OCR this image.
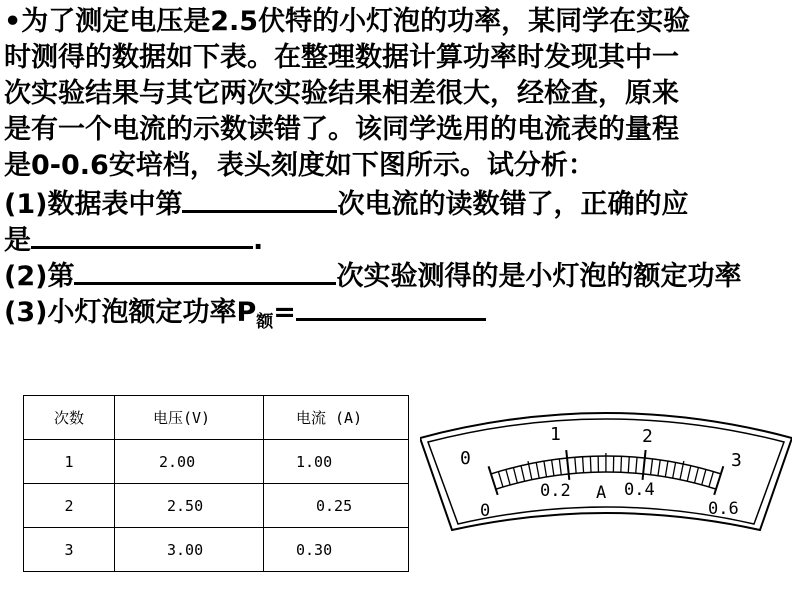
•为了测定电压是2.5伏特的小灯泡的功率，某同学在实验
时测得的数据如下表。在整理数据计算功率时发现其中一
次实验结果与其它两次实验结果相差很大，经检查，原来
是有一个电流的示数读错了。该同学选用的电流表的量程
是0-0.6安培档，表头刻度如下图所示。试分析：
(1)数据表中第	次电流的读数错了，正确的应
是	.
(2)第	次实验测得的是小灯泡的额定功率
(3)小灯泡额定功率$P_额=$
次数	电压(V)	电流 (A)
1	2.00	1.00
2	2.50	0.25
3	3.00	0.30
0
1	2
3
0
0.2 A 0.4
0.6
